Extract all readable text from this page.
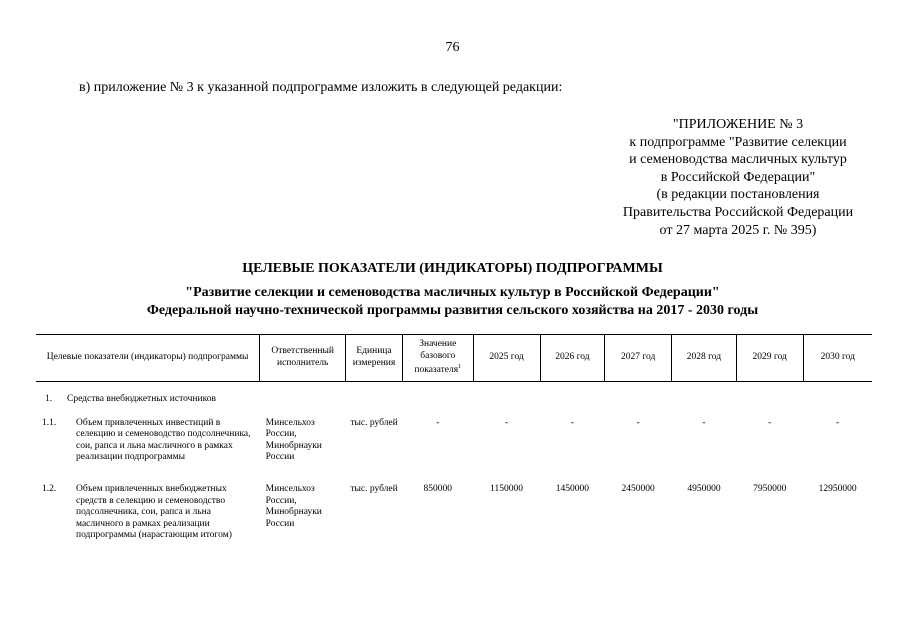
76
в) приложение № 3 к указанной подпрограмме изложить в следующей редакции:
"ПРИЛОЖЕНИЕ № 3
к подпрограмме "Развитие селекции
и семеноводства масличных культур
в Российской Федерации"
(в редакции постановления
Правительства Российской Федерации
от 27 марта 2025 г. № 395)
ЦЕЛЕВЫЕ ПОКАЗАТЕЛИ (ИНДИКАТОРЫ) ПОДПРОГРАММЫ
"Развитие селекции и семеноводства масличных культур в Российской Федерации"
Федеральной научно-технической программы развития сельского хозяйства на 2017 - 2030 годы
Целевые показатели (индикаторы) подпрограммы	Ответственный исполнитель	Единица измерения	Значение базового показателя$^1$	2025 год	2026 год	2027 год	2028 год	2029 год	2030 год

1. Средства внебюджетных источников									

1.1. Объем привлеченных инвестиций в селекцию и семеноводство подсолнечника, сои, рапса и льна масличного в рамках реализации подпрограммы	Минсельхоз России, Минобрнауки России	тыс. рублей	-	-	-	-	-	-	-

1.2. Объем привлеченных внебюджетных средств в селекцию и семеноводство подсолнечника, сои, рапса и льна масличного в рамках реализации подпрограммы (нарастающим итогом)	Минсельхоз России, Минобрнауки России	тыс. рублей	850000	1150000	1450000	2450000	4950000	7950000	12950000
